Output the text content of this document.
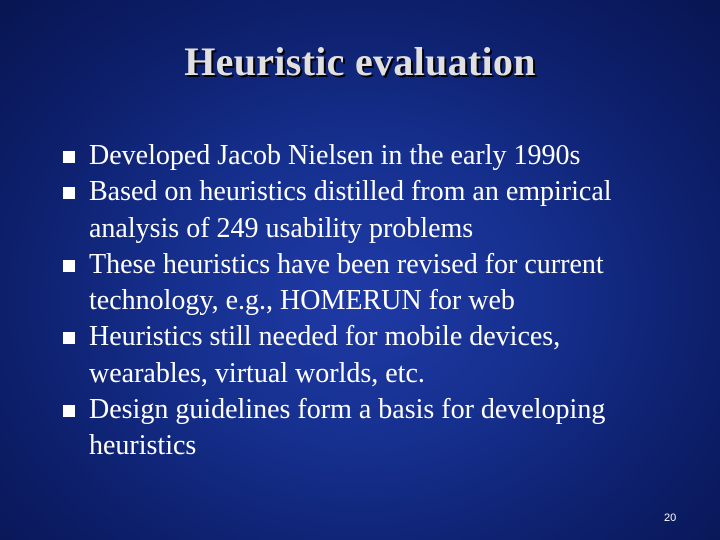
Heuristic evaluation
Developed Jacob Nielsen in the early 1990s
Based on heuristics distilled from an empirical analysis of 249 usability problems
These heuristics have been revised for current technology, e.g., HOMERUN for web
Heuristics still needed for mobile devices, wearables, virtual worlds, etc.
Design guidelines form a basis for developing heuristics
20
